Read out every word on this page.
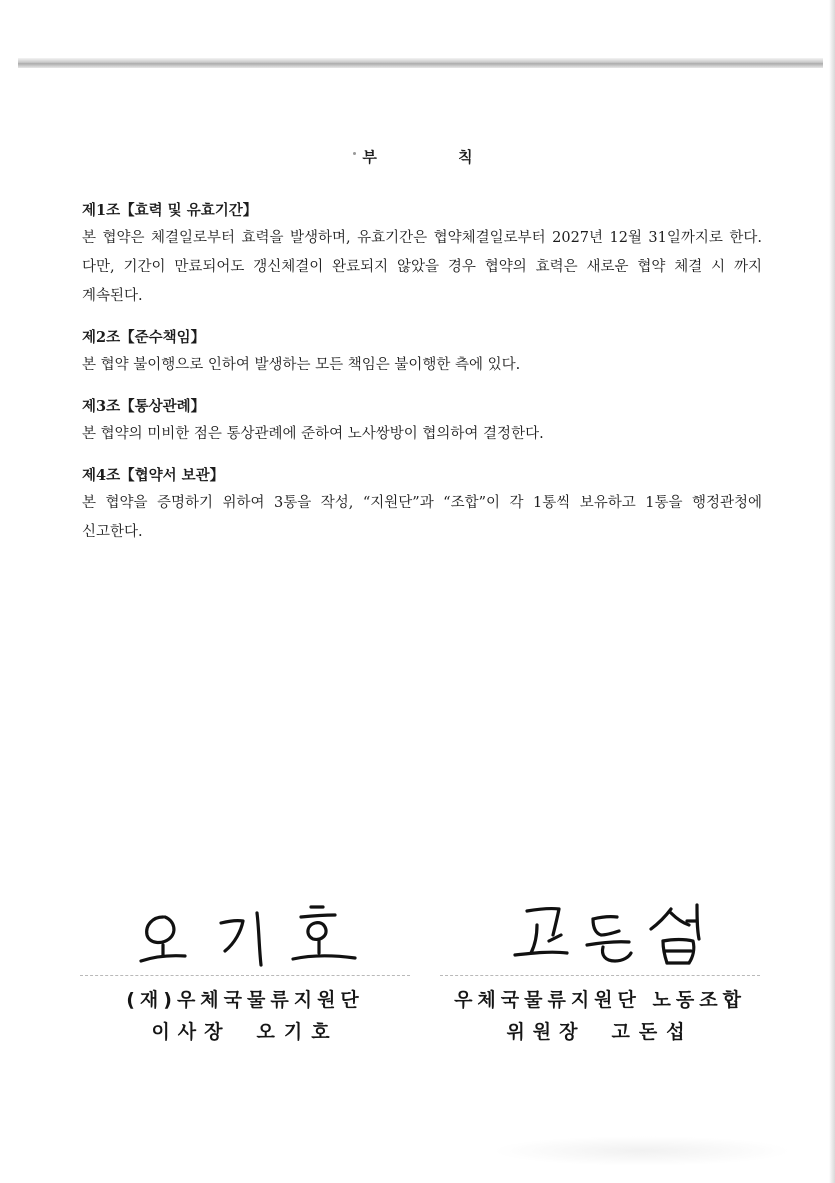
부 칙

제1조【효력 및 유효기간】

본 협약은 체결일로부터 효력을 발생하며, 유효기간은 협약체결일로부터 2027년 12월 31일까지로 한다. 다만, 기간이 만료되어도 갱신체결이 완료되지 않았을 경우 협약의 효력은 새로운 협약 체결 시 까지 계속된다.

제2조【준수책임】

본 협약 불이행으로 인하여 발생하는 모든 책임은 불이행한 측에 있다.

제3조【통상관례】

본 협약의 미비한 점은 통상관례에 준하여 노사쌍방이 협의하여 결정한다.

제4조【협약서 보관】

본 협약을 증명하기 위하여 3통을 작성, “지원단”과 “조합”이 각 1통씩 보유하고 1통을 행정관청에 신고한다.

(재)우체국물류지원단
이사장 오기호
우체국물류지원단 노동조합
위원장 고돈섭
